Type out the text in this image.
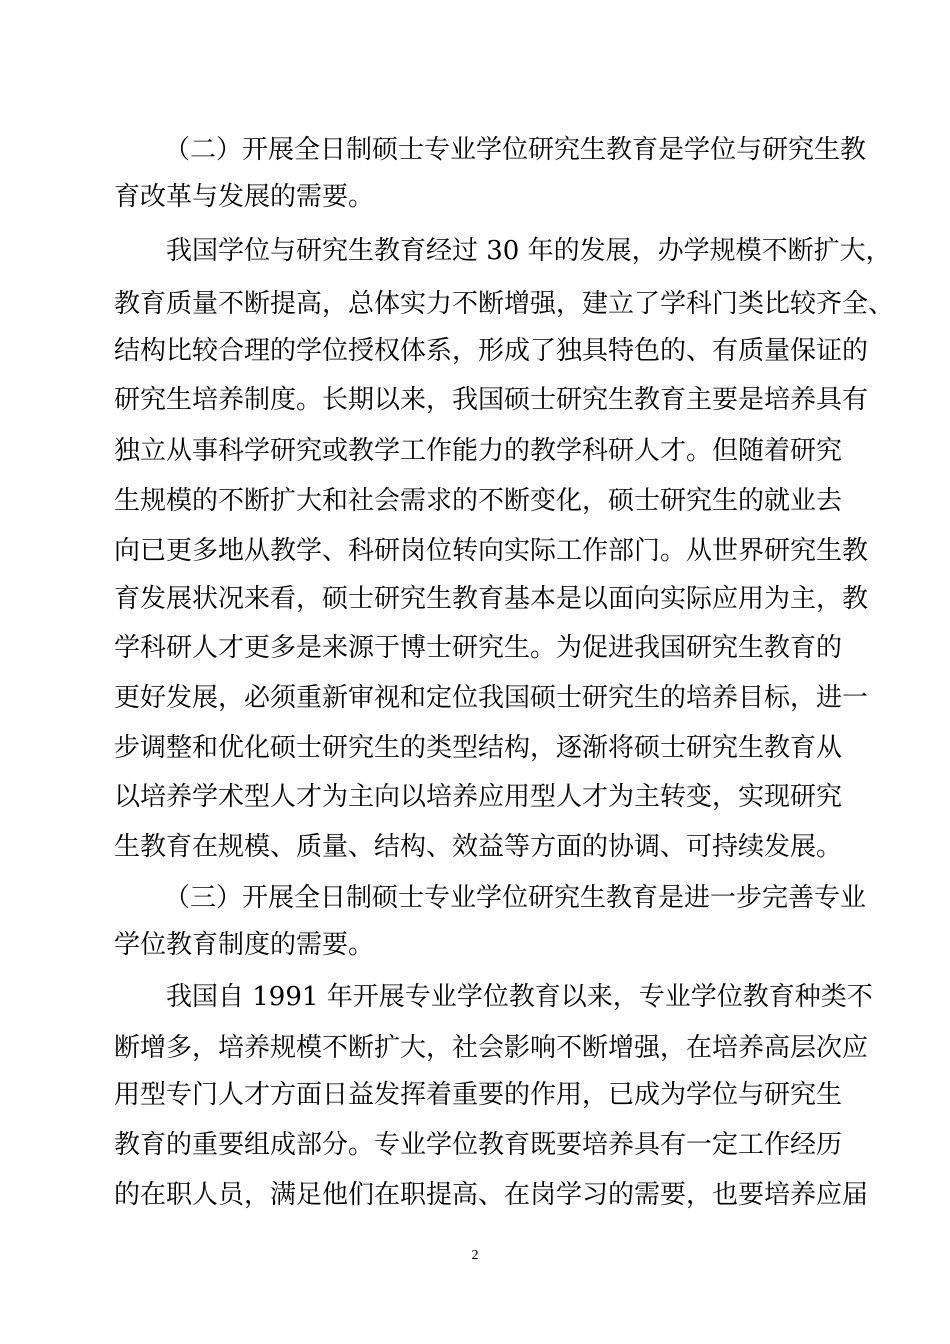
（二）开展全日制硕士专业学位研究生教育是学位与研究生教
育改革与发展的需要。
我国学位与研究生教育经过 30 年的发展，办学规模不断扩大，
教育质量不断提高，总体实力不断增强，建立了学科门类比较齐全、
结构比较合理的学位授权体系，形成了独具特色的、有质量保证的
研究生培养制度。长期以来，我国硕士研究生教育主要是培养具有
独立从事科学研究或教学工作能力的教学科研人才。但随着研究
生规模的不断扩大和社会需求的不断变化，硕士研究生的就业去
向已更多地从教学、科研岗位转向实际工作部门。从世界研究生教
育发展状况来看，硕士研究生教育基本是以面向实际应用为主，教
学科研人才更多是来源于博士研究生。为促进我国研究生教育的
更好发展，必须重新审视和定位我国硕士研究生的培养目标，进一
步调整和优化硕士研究生的类型结构，逐渐将硕士研究生教育从
以培养学术型人才为主向以培养应用型人才为主转变，实现研究
生教育在规模、质量、结构、效益等方面的协调、可持续发展。
（三）开展全日制硕士专业学位研究生教育是进一步完善专业
学位教育制度的需要。
我国自 1991 年开展专业学位教育以来，专业学位教育种类不
断增多，培养规模不断扩大，社会影响不断增强，在培养高层次应
用型专门人才方面日益发挥着重要的作用，已成为学位与研究生
教育的重要组成部分。专业学位教育既要培养具有一定工作经历
的在职人员，满足他们在职提高、在岗学习的需要，也要培养应届
2
